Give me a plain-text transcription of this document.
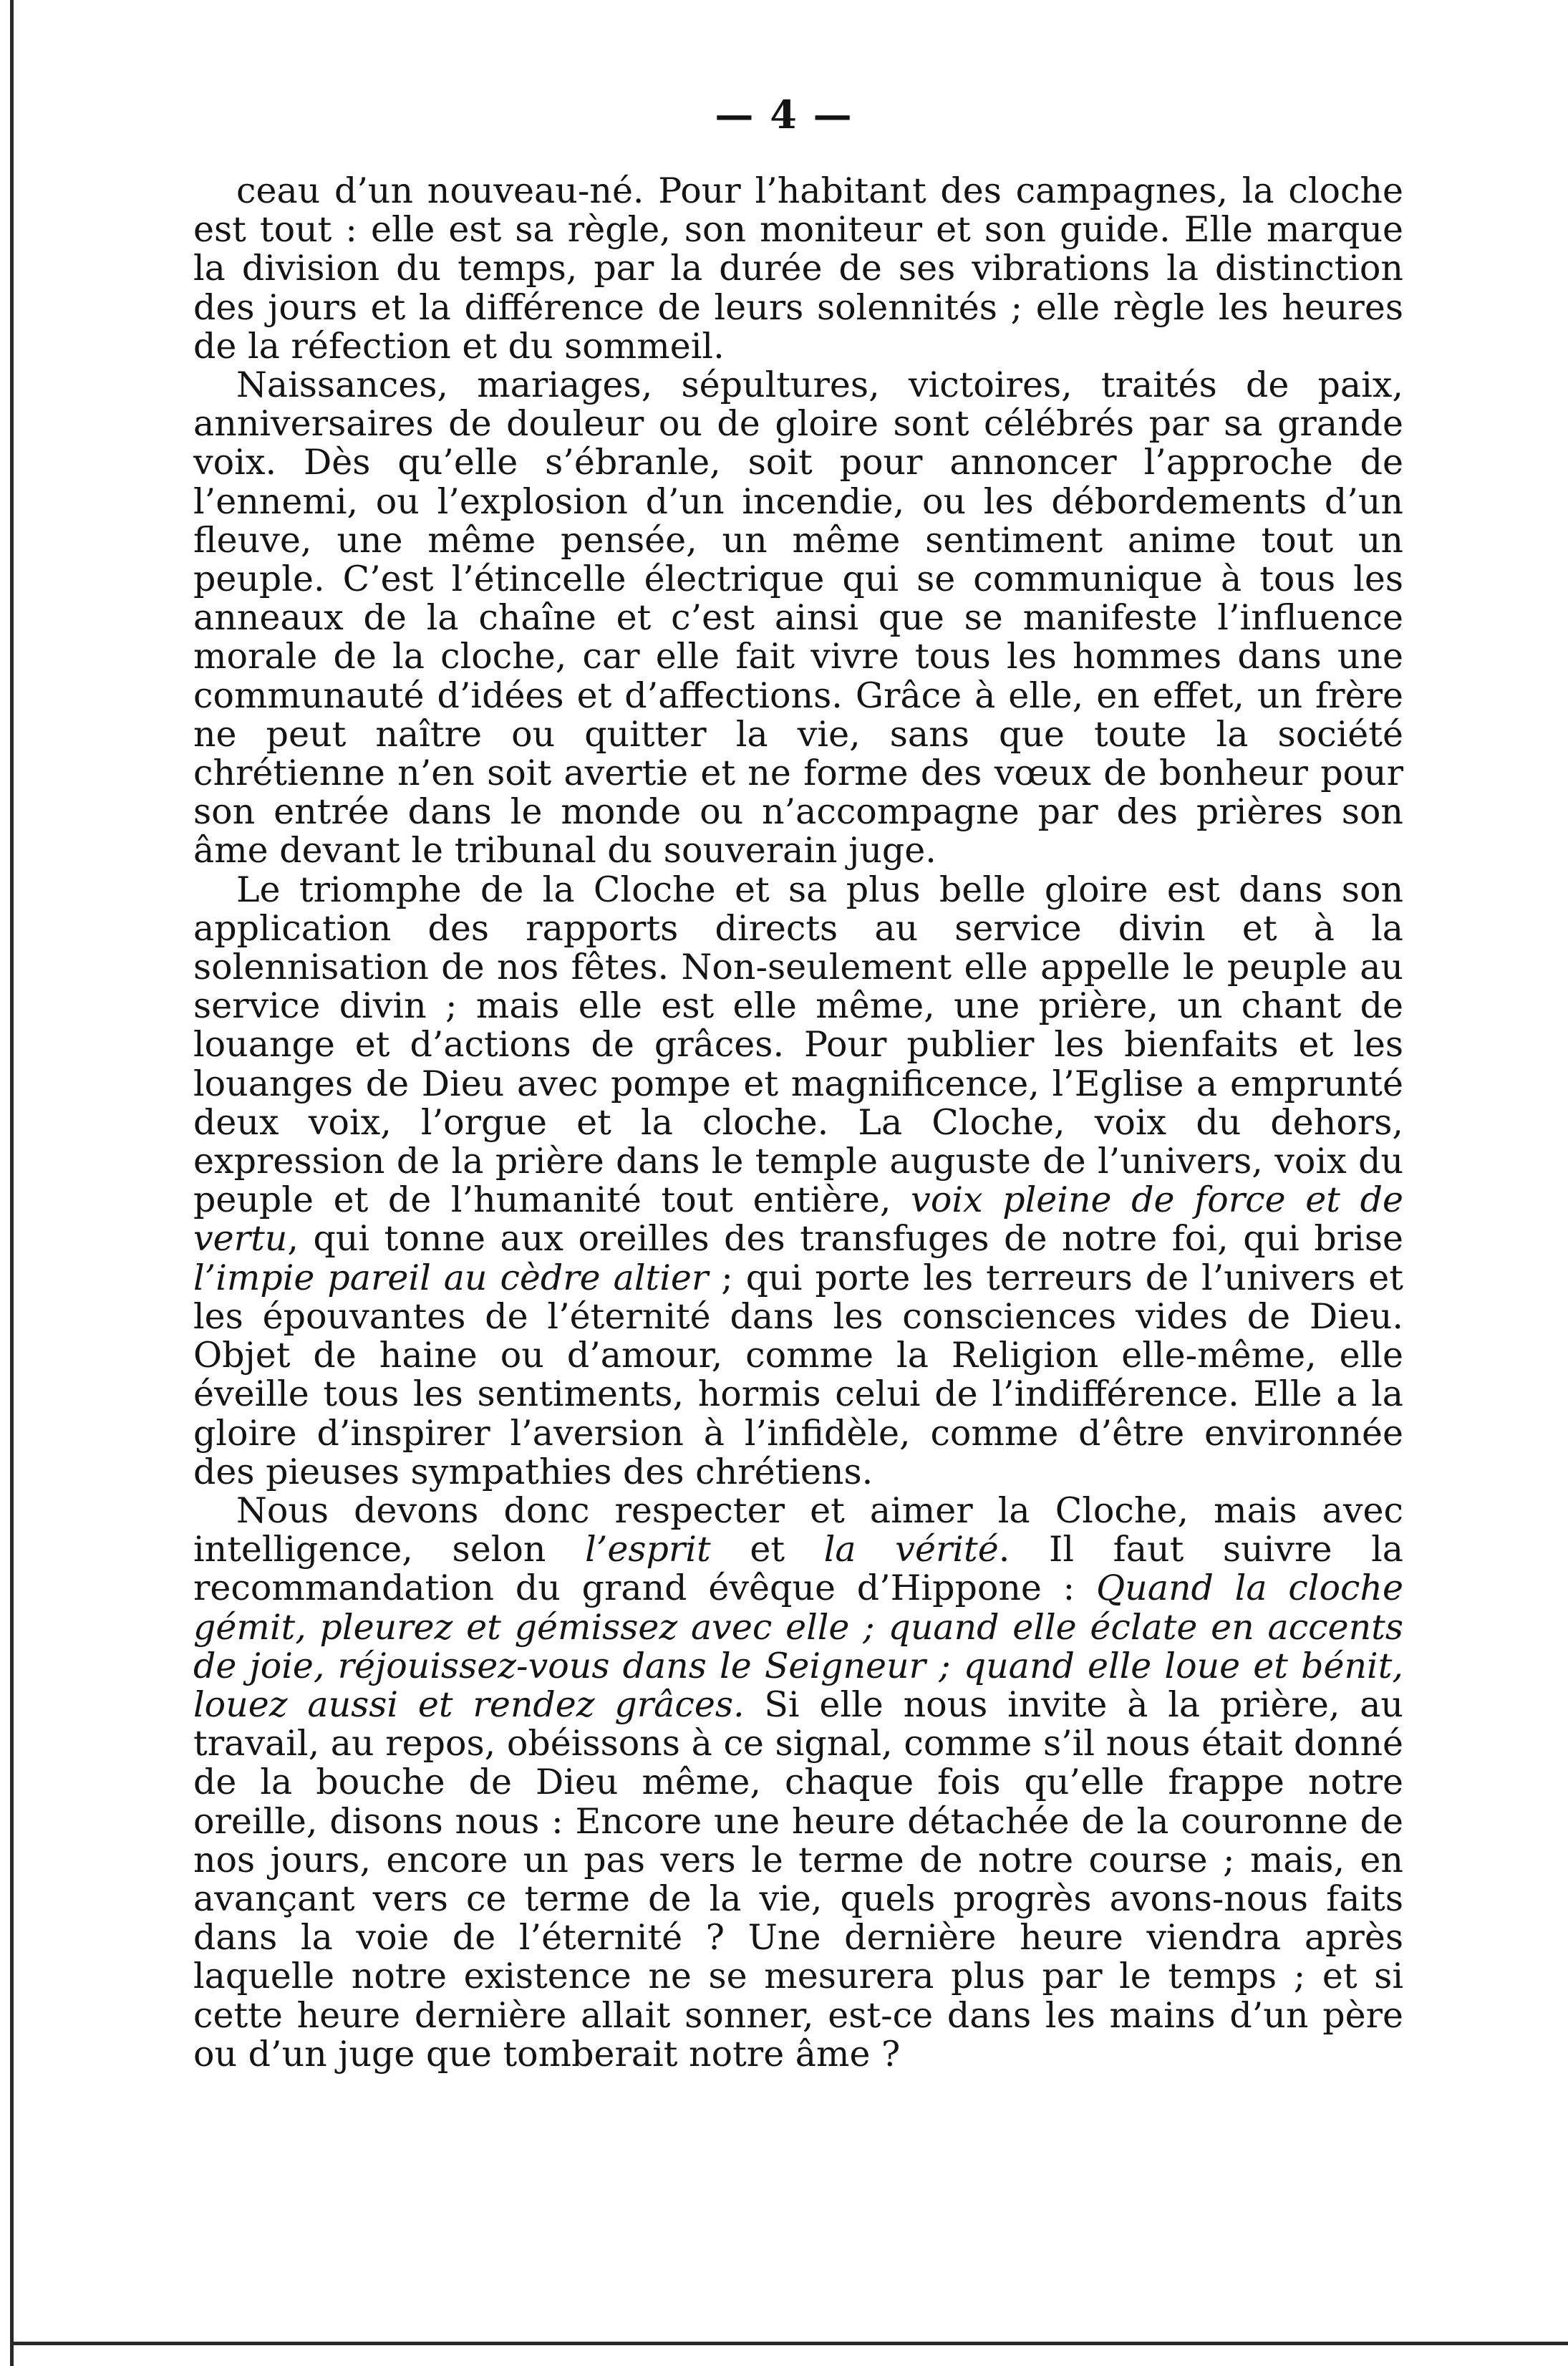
— 4 —

ceau d’un nouveau-né. Pour l’habitant des campagnes, la cloche est tout : elle est sa règle, son moniteur et son guide. Elle marque la division du temps, par la durée de ses vibrations la distinction des jours et la différence de leurs solennités ; elle règle les heures de la réfection et du sommeil.

Naissances, mariages, sépultures, victoires, traités de paix, anniversaires de douleur ou de gloire sont célébrés par sa grande voix. Dès qu’elle s’ébranle, soit pour annoncer l’approche de l’ennemi, ou l’explosion d’un incendie, ou les débordements d’un fleuve, une même pensée, un même sentiment anime tout un peuple. C’est l’étincelle électrique qui se communique à tous les anneaux de la chaîne et c’est ainsi que se manifeste l’influence morale de la cloche, car elle fait vivre tous les hommes dans une communauté d’idées et d’affections. Grâce à elle, en effet, un frère ne peut naître ou quitter la vie, sans que toute la société chrétienne n’en soit avertie et ne forme des vœux de bonheur pour son entrée dans le monde ou n’accompagne par des prières son âme devant le tribunal du souverain juge.

Le triomphe de la Cloche et sa plus belle gloire est dans son application des rapports directs au service divin et à la solennisation de nos fêtes. Non-seulement elle appelle le peuple au service divin ; mais elle est elle même, une prière, un chant de louange et d’actions de grâces. Pour publier les bienfaits et les louanges de Dieu avec pompe et magnificence, l’Eglise a emprunté deux voix, l’orgue et la cloche. La Cloche, voix du dehors, expression de la prière dans le temple auguste de l’univers, voix du peuple et de l’humanité tout entière, voix pleine de force et de vertu, qui tonne aux oreilles des transfuges de notre foi, qui brise l’impie pareil au cèdre altier ; qui porte les terreurs de l’univers et les épouvantes de l’éternité dans les consciences vides de Dieu. Objet de haine ou d’amour, comme la Religion elle-même, elle éveille tous les sentiments, hormis celui de l’indifférence. Elle a la gloire d’inspirer l’aversion à l’infidèle, comme d’être environnée des pieuses sympathies des chrétiens.

Nous devons donc respecter et aimer la Cloche, mais avec intelligence, selon l’esprit et la vérité. Il faut suivre la recommandation du grand évêque d’Hippone : Quand la cloche gémit, pleurez et gémissez avec elle ; quand elle éclate en accents de joie, réjouissez-vous dans le Seigneur ; quand elle loue et bénit, louez aussi et rendez grâces. Si elle nous invite à la prière, au travail, au repos, obéissons à ce signal, comme s’il nous était donné de la bouche de Dieu même, chaque fois qu’elle frappe notre oreille, disons nous : Encore une heure détachée de la couronne de nos jours, encore un pas vers le terme de notre course ; mais, en avançant vers ce terme de la vie, quels progrès avons-nous faits dans la voie de l’éternité ? Une dernière heure viendra après laquelle notre existence ne se mesurera plus par le temps ; et si cette heure dernière allait sonner, est-ce dans les mains d’un père ou d’un juge que tomberait notre âme ?
